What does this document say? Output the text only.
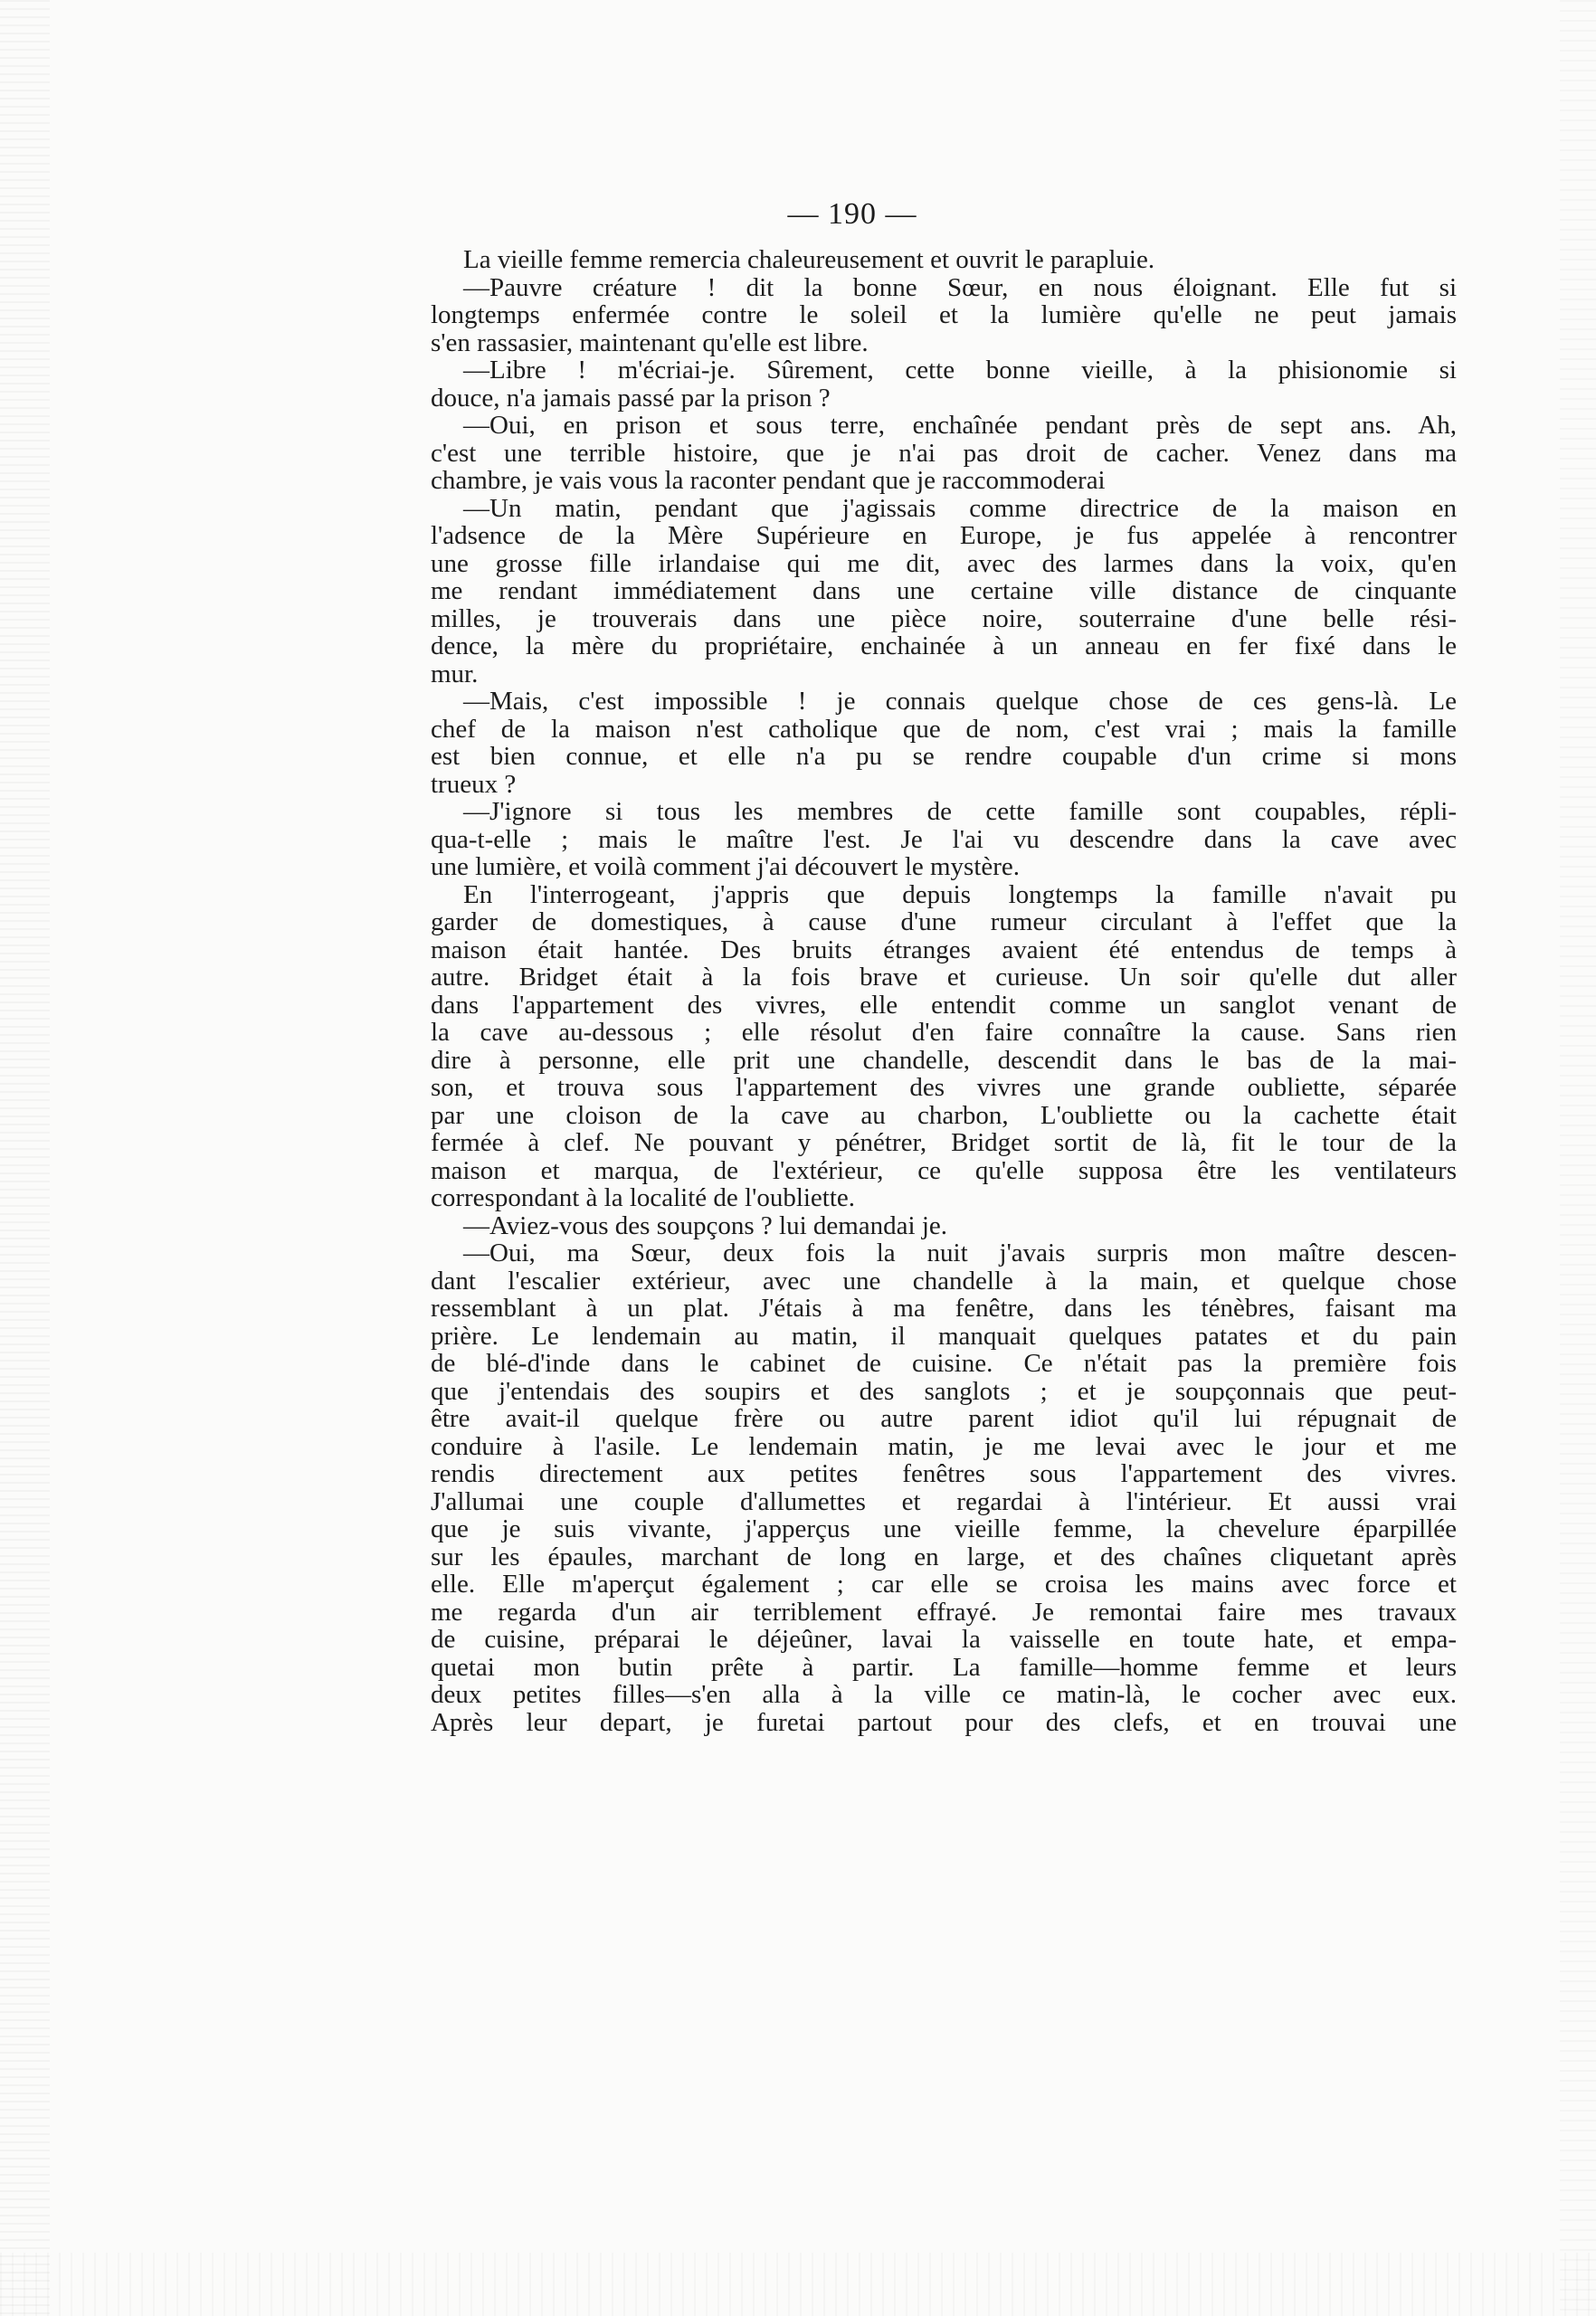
— 190 —
La vieille femme remercia chaleureusement et ouvrit le parapluie.
—Pauvre créature ! dit la bonne Sœur, en nous éloignant. Elle fut si
longtemps enfermée contre le soleil et la lumière qu'elle ne peut jamais
s'en rassasier, maintenant qu'elle est libre.
—Libre ! m'écriai-je. Sûrement, cette bonne vieille, à la phisionomie si
douce, n'a jamais passé par la prison ?
—Oui, en prison et sous terre, enchaînée pendant près de sept ans. Ah,
c'est une terrible histoire, que je n'ai pas droit de cacher. Venez dans ma
chambre, je vais vous la raconter pendant que je raccommoderai
—Un matin, pendant que j'agissais comme directrice de la maison en
l'adsence de la Mère Supérieure en Europe, je fus appelée à rencontrer
une grosse fille irlandaise qui me dit, avec des larmes dans la voix, qu'en
me rendant immédiatement dans une certaine ville distance de cinquante
milles, je trouverais dans une pièce noire, souterraine d'une belle rési-
dence, la mère du propriétaire, enchainée à un anneau en fer fixé dans le
mur.
—Mais, c'est impossible ! je connais quelque chose de ces gens-là. Le
chef de la maison n'est catholique que de nom, c'est vrai ; mais la famille
est bien connue, et elle n'a pu se rendre coupable d'un crime si mons
trueux ?
—J'ignore si tous les membres de cette famille sont coupables, répli-
qua-t-elle ; mais le maître l'est. Je l'ai vu descendre dans la cave avec
une lumière, et voilà comment j'ai découvert le mystère.
En l'interrogeant, j'appris que depuis longtemps la famille n'avait pu
garder de domestiques, à cause d'une rumeur circulant à l'effet que la
maison était hantée. Des bruits étranges avaient été entendus de temps à
autre. Bridget était à la fois brave et curieuse. Un soir qu'elle dut aller
dans l'appartement des vivres, elle entendit comme un sanglot venant de
la cave au-dessous ; elle résolut d'en faire connaître la cause. Sans rien
dire à personne, elle prit une chandelle, descendit dans le bas de la mai-
son, et trouva sous l'appartement des vivres une grande oubliette, séparée
par une cloison de la cave au charbon, L'oubliette ou la cachette était
fermée à clef. Ne pouvant y pénétrer, Bridget sortit de là, fit le tour de la
maison et marqua, de l'extérieur, ce qu'elle supposa être les ventilateurs
correspondant à la localité de l'oubliette.
—Aviez-vous des soupçons ? lui demandai je.
—Oui, ma Sœur, deux fois la nuit j'avais surpris mon maître descen-
dant l'escalier extérieur, avec une chandelle à la main, et quelque chose
ressemblant à un plat. J'étais à ma fenêtre, dans les ténèbres, faisant ma
prière. Le lendemain au matin, il manquait quelques patates et du pain
de blé-d'inde dans le cabinet de cuisine. Ce n'était pas la première fois
que j'entendais des soupirs et des sanglots ; et je soupçonnais que peut-
être avait-il quelque frère ou autre parent idiot qu'il lui répugnait de
conduire à l'asile. Le lendemain matin, je me levai avec le jour et me
rendis directement aux petites fenêtres sous l'appartement des vivres.
J'allumai une couple d'allumettes et regardai à l'intérieur. Et aussi vrai
que je suis vivante, j'apperçus une vieille femme, la chevelure éparpillée
sur les épaules, marchant de long en large, et des chaînes cliquetant après
elle. Elle m'aperçut également ; car elle se croisa les mains avec force et
me regarda d'un air terriblement effrayé. Je remontai faire mes travaux
de cuisine, préparai le déjeûner, lavai la vaisselle en toute hate, et empa-
quetai mon butin prête à partir. La famille—homme femme et leurs
deux petites filles—s'en alla à la ville ce matin-là, le cocher avec eux.
Après leur depart, je furetai partout pour des clefs, et en trouvai une
